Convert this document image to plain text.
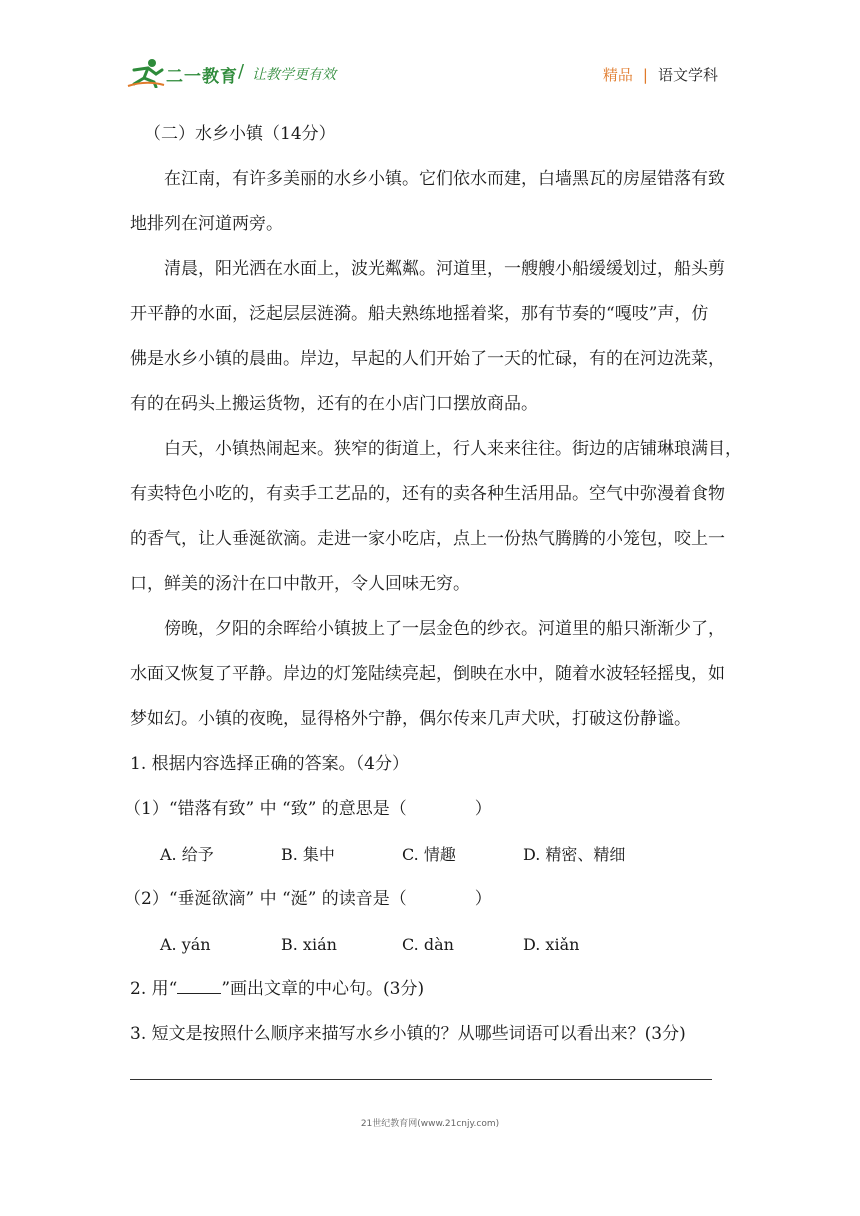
二一教育 / 让教学更有效	精品 | 语文学科
（二）水乡小镇（14分）
在江南，有许多美丽的水乡小镇。它们依水而建，白墙黑瓦的房屋错落有致
地排列在河道两旁。
清晨，阳光洒在水面上，波光粼粼。河道里，一艘艘小船缓缓划过，船头剪
开平静的水面，泛起层层涟漪。船夫熟练地摇着桨，那有节奏的“嘎吱”声，仿
佛是水乡小镇的晨曲。岸边，早起的人们开始了一天的忙碌，有的在河边洗菜，
有的在码头上搬运货物，还有的在小店门口摆放商品。
白天，小镇热闹起来。狭窄的街道上，行人来来往往。街边的店铺琳琅满目，
有卖特色小吃的，有卖手工艺品的，还有的卖各种生活用品。空气中弥漫着食物
的香气，让人垂涎欲滴。走进一家小吃店，点上一份热气腾腾的小笼包，咬上一
口，鲜美的汤汁在口中散开，令人回味无穷。
傍晚，夕阳的余晖给小镇披上了一层金色的纱衣。河道里的船只渐渐少了，
水面又恢复了平静。岸边的灯笼陆续亮起，倒映在水中，随着水波轻轻摇曳，如
梦如幻。小镇的夜晚，显得格外宁静，偶尔传来几声犬吠，打破这份静谧。
1. 根据内容选择正确的答案。（4分）
（1）“错落有致” 中 “致” 的意思是（　　　　）
A. 给予	B. 集中	C. 情趣	D. 精密、精细
（2）“垂涎欲滴” 中 “涎” 的读音是（　　　　）
A. yán	B. xián	C. dàn	D. xiǎn
2. 用“	”画出文章的中心句。(3分)
3. 短文是按照什么顺序来描写水乡小镇的？从哪些词语可以看出来？(3分)
21世纪教育网(www.21cnjy.com)
